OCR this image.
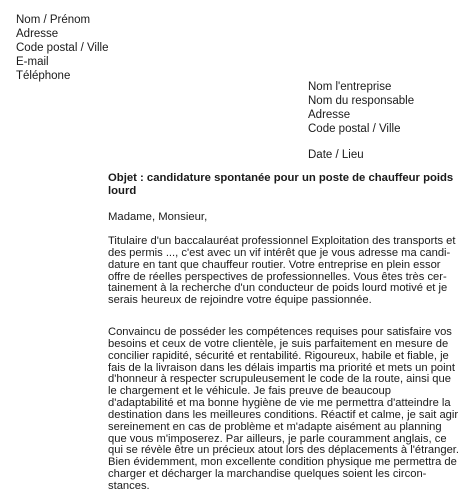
Nom / Prénom
Adresse
Code postal / Ville
E-mail
Téléphone
Nom l'entreprise
Nom du responsable
Adresse
Code postal / Ville
Date / Lieu
Objet : candidature spontanée pour un poste de chauffeur poids
lourd
Madame, Monsieur,
Titulaire d'un baccalauréat professionnel Exploitation des transports et
des permis ..., c'est avec un vif intérêt que je vous adresse ma candi-
dature en tant que chauffeur routier. Votre entreprise en plein essor
offre de réelles perspectives de professionnelles. Vous êtes très cer-
tainement à la recherche d'un conducteur de poids lourd motivé et je
serais heureux de rejoindre votre équipe passionnée.
Convaincu de posséder les compétences requises pour satisfaire vos
besoins et ceux de votre clientèle, je suis parfaitement en mesure de
concilier rapidité, sécurité et rentabilité. Rigoureux, habile et fiable, je
fais de la livraison dans les délais impartis ma priorité et mets un point
d'honneur à respecter scrupuleusement le code de la route, ainsi que
le chargement et le véhicule. Je fais preuve de beaucoup
d'adaptabilité et ma bonne hygiène de vie me permettra d'atteindre la
destination dans les meilleures conditions. Réactif et calme, je sait agir
sereinement en cas de problème et m'adapte aisément au planning
que vous m'imposerez. Par ailleurs, je parle couramment anglais, ce
qui se révèle être un précieux atout lors des déplacements à l'étranger.
Bien évidemment, mon excellente condition physique me permettra de
charger et décharger la marchandise quelques soient les circon-
stances.
